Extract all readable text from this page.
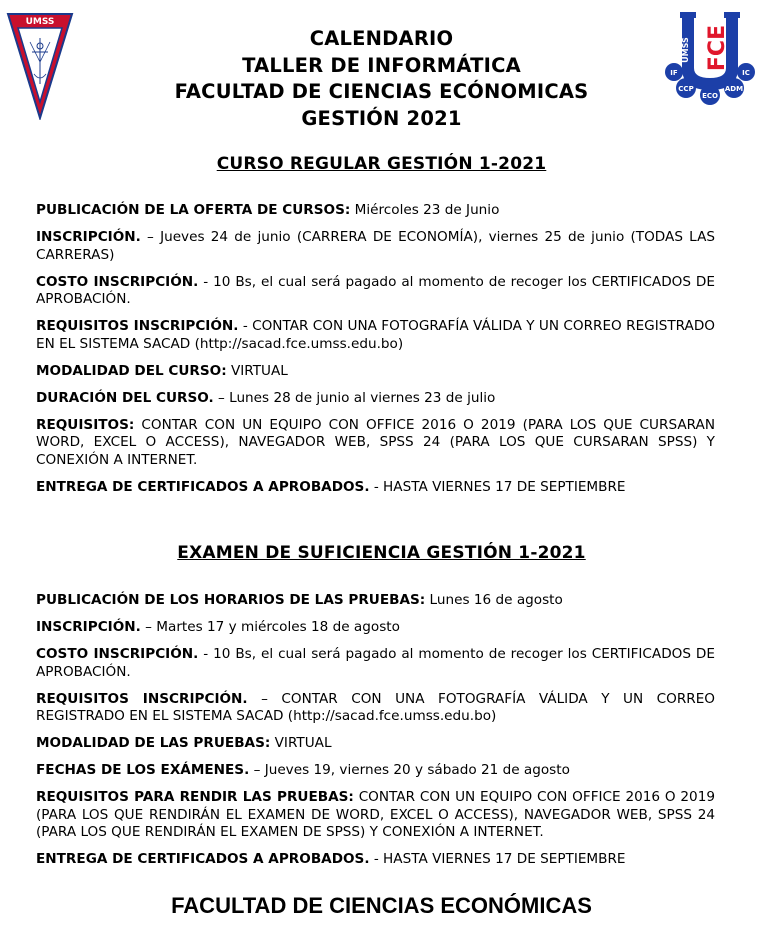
UMSS
UMSS FCE
IF	IC
CCP
ECO
ADM
CALENDARIO
TALLER DE INFORMÁTICA
FACULTAD DE CIENCIAS ECÓNOMICAS
GESTIÓN 2021
CURSO REGULAR GESTIÓN 1-2021
PUBLICACIÓN DE LA OFERTA DE CURSOS: Miércoles 23 de Junio
INSCRIPCIÓN. – Jueves 24 de junio (CARRERA DE ECONOMÍA), viernes 25 de junio (TODAS LAS CARRERAS)
COSTO INSCRIPCIÓN. - 10 Bs, el cual será pagado al momento de recoger los CERTIFICADOS DE APROBACIÓN.
REQUISITOS INSCRIPCIÓN. - CONTAR CON UNA FOTOGRAFÍA VÁLIDA Y UN CORREO REGISTRADO EN EL SISTEMA SACAD (http://sacad.fce.umss.edu.bo)
MODALIDAD DEL CURSO: VIRTUAL
DURACIÓN DEL CURSO. – Lunes 28 de junio al viernes 23 de julio
REQUISITOS: CONTAR CON UN EQUIPO CON OFFICE 2016 O 2019 (PARA LOS QUE CURSARAN WORD, EXCEL O ACCESS), NAVEGADOR WEB, SPSS 24 (PARA LOS QUE CURSARAN SPSS) Y CONEXIÓN A INTERNET.
ENTREGA DE CERTIFICADOS A APROBADOS. - HASTA VIERNES 17 DE SEPTIEMBRE
EXAMEN DE SUFICIENCIA GESTIÓN 1-2021
PUBLICACIÓN DE LOS HORARIOS DE LAS PRUEBAS: Lunes 16 de agosto
INSCRIPCIÓN. – Martes 17 y miércoles 18 de agosto
COSTO INSCRIPCIÓN. - 10 Bs, el cual será pagado al momento de recoger los CERTIFICADOS DE APROBACIÓN.
REQUISITOS INSCRIPCIÓN. – CONTAR CON UNA FOTOGRAFÍA VÁLIDA Y UN CORREO REGISTRADO EN EL SISTEMA SACAD (http://sacad.fce.umss.edu.bo)
MODALIDAD DE LAS PRUEBAS: VIRTUAL
FECHAS DE LOS EXÁMENES. – Jueves 19, viernes 20 y sábado 21 de agosto
REQUISITOS PARA RENDIR LAS PRUEBAS: CONTAR CON UN EQUIPO CON OFFICE 2016 O 2019 (PARA LOS QUE RENDIRÁN EL EXAMEN DE WORD, EXCEL O ACCESS), NAVEGADOR WEB, SPSS 24 (PARA LOS QUE RENDIRÁN EL EXAMEN DE SPSS) Y CONEXIÓN A INTERNET.
ENTREGA DE CERTIFICADOS A APROBADOS. - HASTA VIERNES 17 DE SEPTIEMBRE
FACULTAD DE CIENCIAS ECONÓMICAS
